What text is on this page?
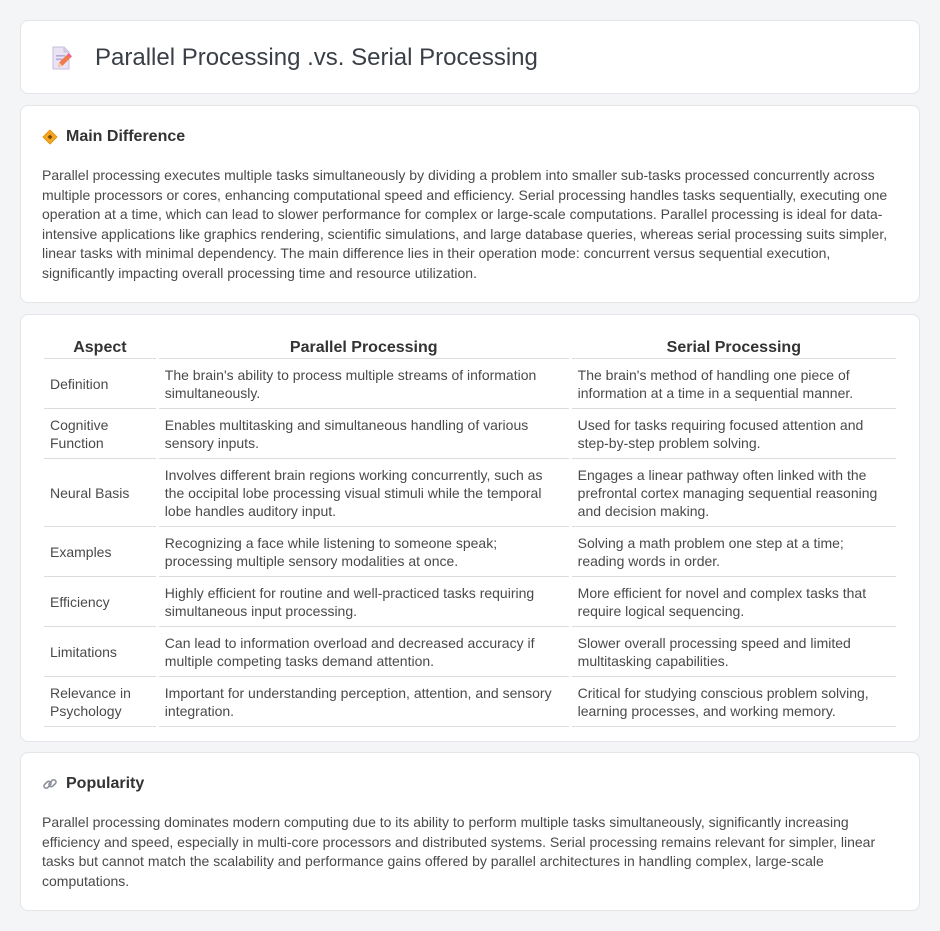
Parallel Processing .vs. Serial Processing
Main Difference

Parallel processing executes multiple tasks simultaneously by dividing a problem into smaller sub-tasks processed concurrently across multiple processors or cores, enhancing computational speed and efficiency. Serial processing handles tasks sequentially, executing one operation at a time, which can lead to slower performance for complex or large-scale computations. Parallel processing is ideal for data-intensive applications like graphics rendering, scientific simulations, and large database queries, whereas serial processing suits simpler, linear tasks with minimal dependency. The main difference lies in their operation mode: concurrent versus sequential execution, significantly impacting overall processing time and resource utilization.

Aspect	Parallel Processing	Serial Processing
Definition	The brain's ability to process multiple streams of information simultaneously.	The brain's method of handling one piece of information at a time in a sequential manner.
Cognitive Function	Enables multitasking and simultaneous handling of various sensory inputs.	Used for tasks requiring focused attention and step-by-step problem solving.
Neural Basis	Involves different brain regions working concurrently, such as the occipital lobe processing visual stimuli while the temporal lobe handles auditory input.	Engages a linear pathway often linked with the prefrontal cortex managing sequential reasoning and decision making.
Examples	Recognizing a face while listening to someone speak; processing multiple sensory modalities at once.	Solving a math problem one step at a time; reading words in order.
Efficiency	Highly efficient for routine and well-practiced tasks requiring simultaneous input processing.	More efficient for novel and complex tasks that require logical sequencing.
Limitations	Can lead to information overload and decreased accuracy if multiple competing tasks demand attention.	Slower overall processing speed and limited multitasking capabilities.
Relevance in Psychology	Important for understanding perception, attention, and sensory integration.	Critical for studying conscious problem solving, learning processes, and working memory.
Popularity

Parallel processing dominates modern computing due to its ability to perform multiple tasks simultaneously, significantly increasing efficiency and speed, especially in multi-core processors and distributed systems. Serial processing remains relevant for simpler, linear tasks but cannot match the scalability and performance gains offered by parallel architectures in handling complex, large-scale computations.
